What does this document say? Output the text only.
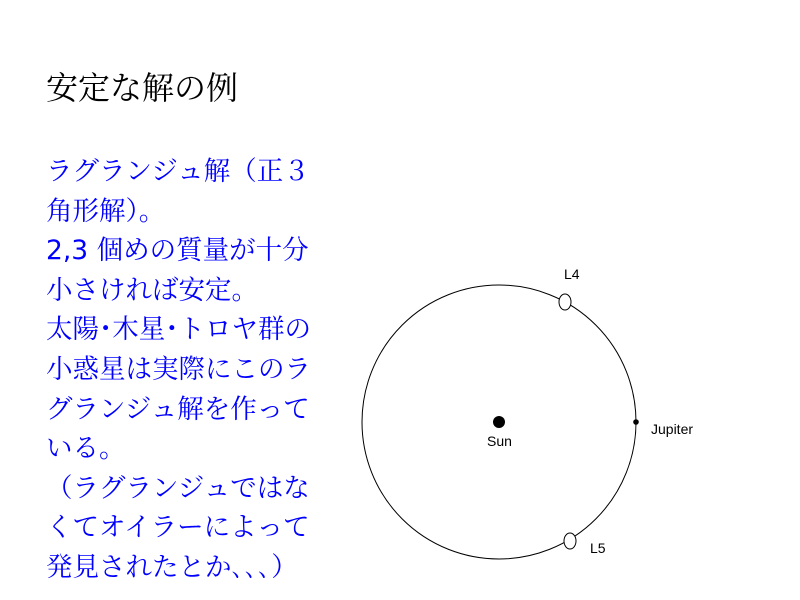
安定な解の例
ラグランジュ解（正３
角形解）。
2,3 個めの質量が十分
小さければ安定。
太陽･木星･トロヤ群の
小惑星は実際にこのラ
グランジュ解を作って
いる。
（ラグランジュではな
くてオイラーによって
発見されたとか､､､）
Sun
Jupiter
L4
L5
